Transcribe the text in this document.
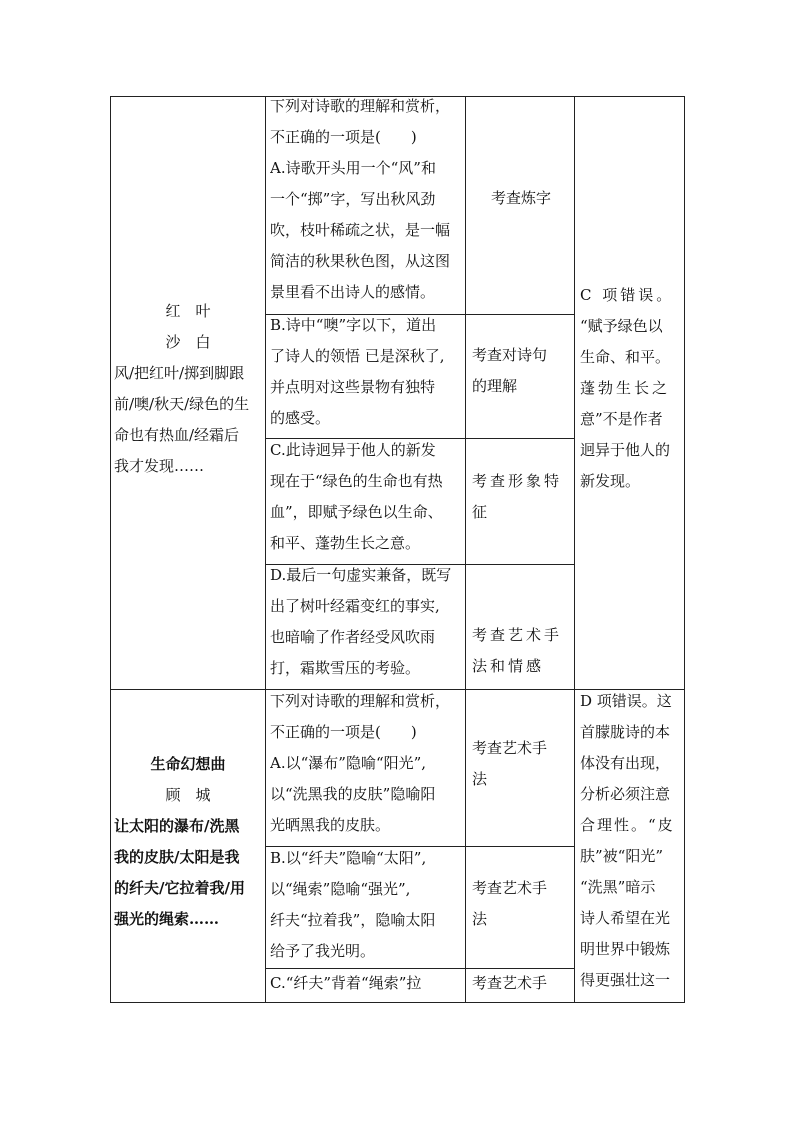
红　叶
沙　白
风/把红叶/掷到脚跟
前/噢/秋天/绿色的生
命也有热血/经霜后
我才发现……
下列对诗歌的理解和赏析，
不正确的一项是(　　)
A.诗歌开头用一个“风”和
一个“掷”字，写出秋风劲
吹，枝叶稀疏之状，是一幅
简洁的秋果秋色图，从这图
景里看不出诗人的感情。
考查炼字
B.诗中“噢”字以下，道出
了诗人的领悟 已是深秋了,
并点明对这些景物有独特
的感受。
考查对诗句
的理解
C.此诗迥异于他人的新发
现在于“绿色的生命也有热
血”，即赋予绿色以生命、
和平、蓬勃生长之意。
考查形象特
征
D.最后一句虚实兼备，既写
出了树叶经霜变红的事实,
也暗喻了作者经受风吹雨
打，霜欺雪压的考验。
考查艺术手
法和情感
C 项错误。
“赋予绿色以
生命、和平。
蓬勃生长之
意”不是作者
迥异于他人的
新发现。
生命幻想曲
顾　城
让太阳的瀑布/洗黑
我的皮肤/太阳是我
的纤夫/它拉着我/用
强光的绳索……
下列对诗歌的理解和赏析，
不正确的一项是(　　)
A.以“瀑布”隐喻“阳光”,
以“洗黑我的皮肤”隐喻阳
光晒黑我的皮肤。
考查艺术手
法
B.以“纤夫”隐喻“太阳”,
以“绳索”隐喻“强光”,
纤夫“拉着我”，隐喻太阳
给予了我光明。
考查艺术手
法
C.“纤夫”背着“绳索”拉	考查艺术手
D 项错误。这
首朦胧诗的本
体没有出现，
分析必须注意
合理性。“皮
肤”被“阳光”
“洗黑”暗示
诗人希望在光
明世界中锻炼
得更强壮这一
